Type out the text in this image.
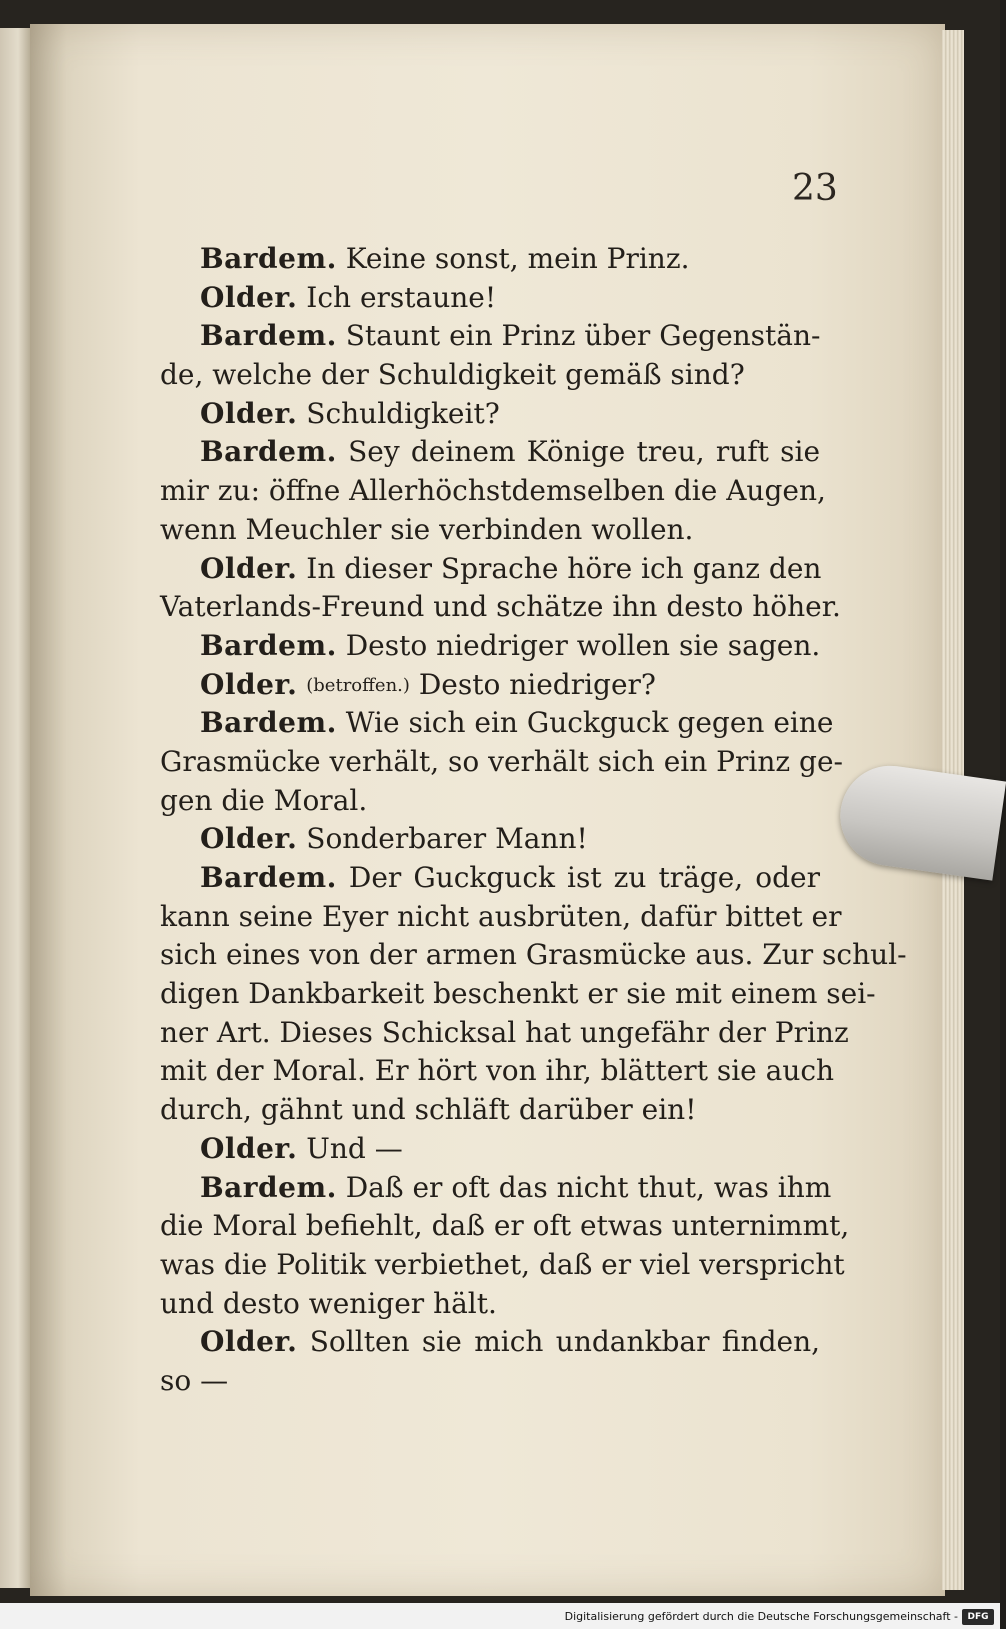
23
Bardem. Keine sonst, mein Prinz.
Older. Ich erstaune!
Bardem. Staunt ein Prinz über Gegenstän-
de, welche der Schuldigkeit gemäß sind?
Older. Schuldigkeit?
Bardem. Sey deinem Könige treu, ruft sie
mir zu: öffne Allerhöchstdemselben die Augen,
wenn Meuchler sie verbinden wollen.
Older. In dieser Sprache höre ich ganz den
Vaterlands-Freund und schätze ihn desto höher.
Bardem. Desto niedriger wollen sie sagen.
Older. (betroffen.) Desto niedriger?
Bardem. Wie sich ein Guckguck gegen eine
Grasmücke verhält, so verhält sich ein Prinz ge-
gen die Moral.
Older. Sonderbarer Mann!
Bardem. Der Guckguck ist zu träge, oder
kann seine Eyer nicht ausbrüten, dafür bittet er
sich eines von der armen Grasmücke aus. Zur schul-
digen Dankbarkeit beschenkt er sie mit einem sei-
ner Art. Dieses Schicksal hat ungefähr der Prinz
mit der Moral. Er hört von ihr, blättert sie auch
durch, gähnt und schläft darüber ein!
Older. Und —
Bardem. Daß er oft das nicht thut, was ihm
die Moral befiehlt, daß er oft etwas unternimmt,
was die Politik verbiethet, daß er viel verspricht
und desto weniger hält.
Older. Sollten sie mich undankbar finden,
so —
Digitalisierung gefördert durch die Deutsche Forschungsgemeinschaft -	DFG
